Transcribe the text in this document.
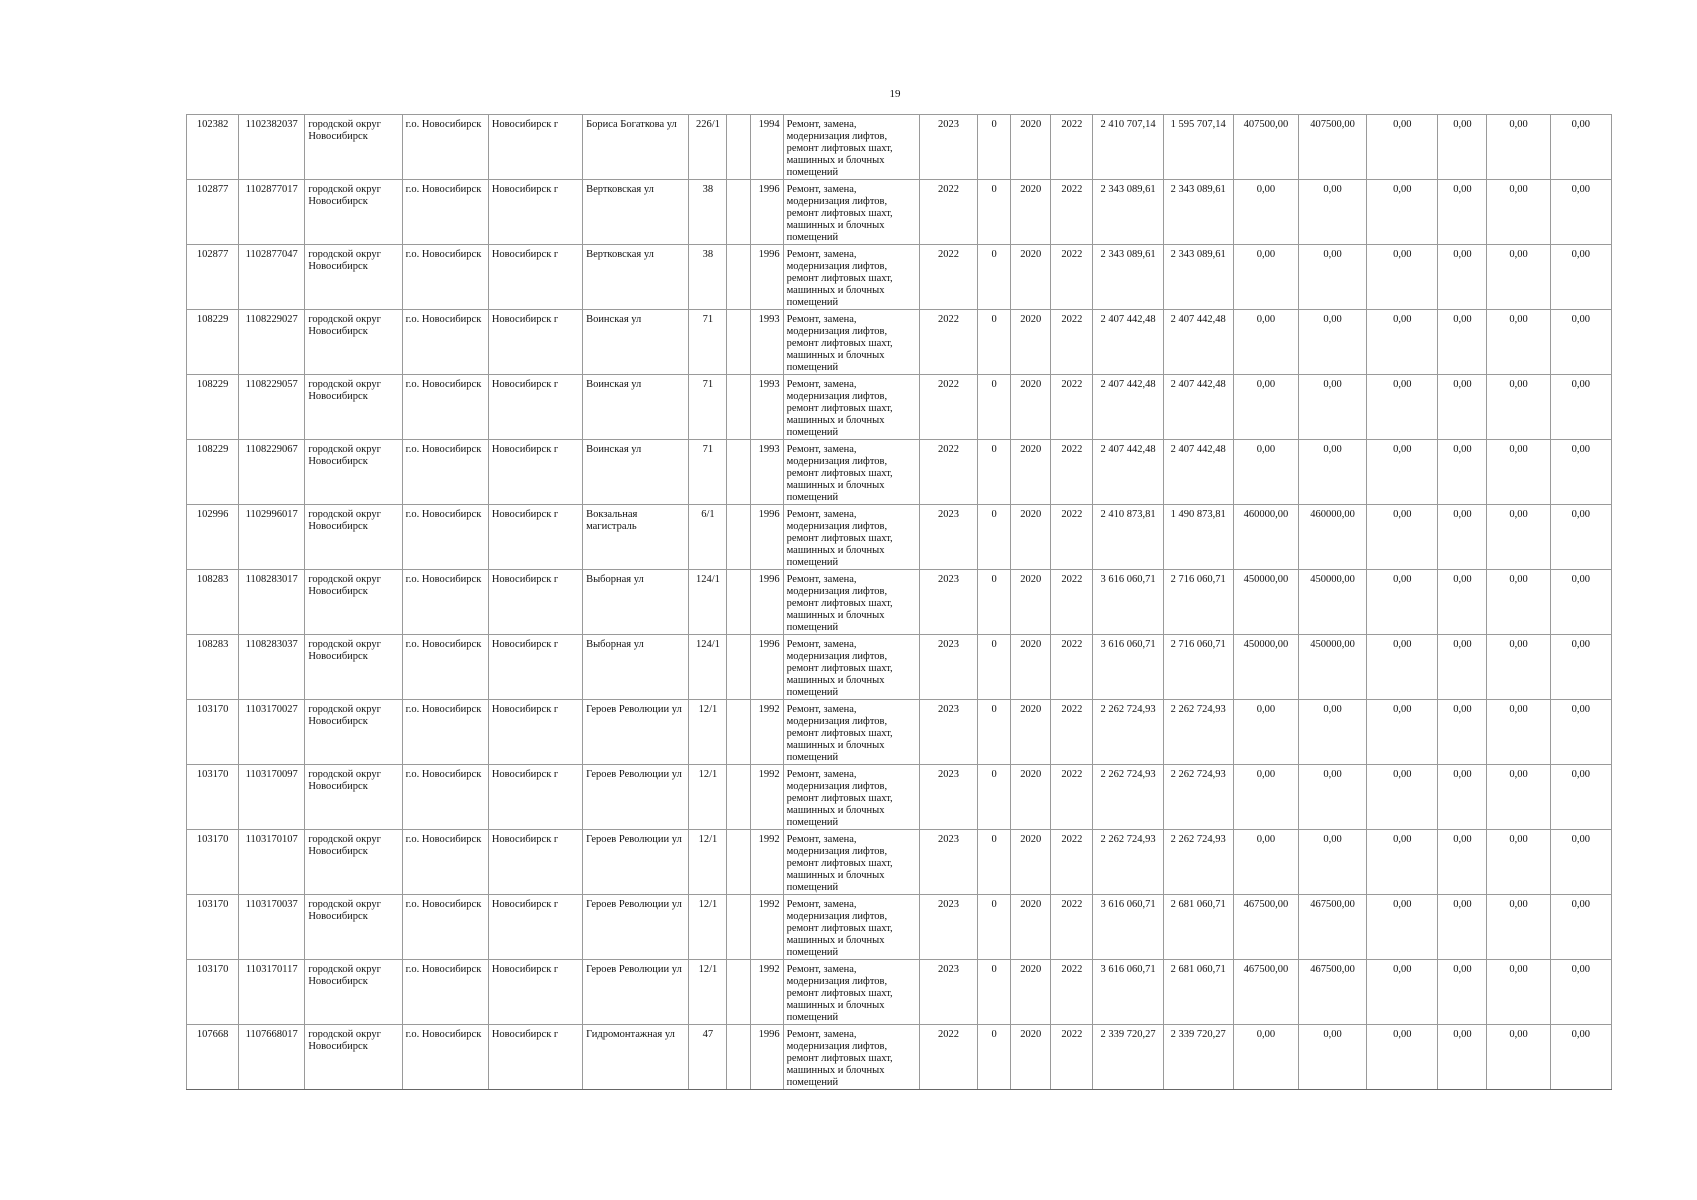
19
102382	1102382037	городской округ Новосибирск	г.о. Новосибирск	Новосибирск г	Бориса Богаткова ул	226/1		1994	Ремонт, замена, модернизация лифтов, ремонт лифтовых шахт, машинных и блочных помещений	2023	0	2020	2022	2 410 707,14	1 595 707,14	407500,00	407500,00	0,00	0,00	0,00	0,00
102877	1102877017	городской округ Новосибирск	г.о. Новосибирск	Новосибирск г	Вертковская ул	38		1996	Ремонт, замена, модернизация лифтов, ремонт лифтовых шахт, машинных и блочных помещений	2022	0	2020	2022	2 343 089,61	2 343 089,61	0,00	0,00	0,00	0,00	0,00	0,00
102877	1102877047	городской округ Новосибирск	г.о. Новосибирск	Новосибирск г	Вертковская ул	38		1996	Ремонт, замена, модернизация лифтов, ремонт лифтовых шахт, машинных и блочных помещений	2022	0	2020	2022	2 343 089,61	2 343 089,61	0,00	0,00	0,00	0,00	0,00	0,00
108229	1108229027	городской округ Новосибирск	г.о. Новосибирск	Новосибирск г	Воинская ул	71		1993	Ремонт, замена, модернизация лифтов, ремонт лифтовых шахт, машинных и блочных помещений	2022	0	2020	2022	2 407 442,48	2 407 442,48	0,00	0,00	0,00	0,00	0,00	0,00
108229	1108229057	городской округ Новосибирск	г.о. Новосибирск	Новосибирск г	Воинская ул	71		1993	Ремонт, замена, модернизация лифтов, ремонт лифтовых шахт, машинных и блочных помещений	2022	0	2020	2022	2 407 442,48	2 407 442,48	0,00	0,00	0,00	0,00	0,00	0,00
108229	1108229067	городской округ Новосибирск	г.о. Новосибирск	Новосибирск г	Воинская ул	71		1993	Ремонт, замена, модернизация лифтов, ремонт лифтовых шахт, машинных и блочных помещений	2022	0	2020	2022	2 407 442,48	2 407 442,48	0,00	0,00	0,00	0,00	0,00	0,00
102996	1102996017	городской округ Новосибирск	г.о. Новосибирск	Новосибирск г	Вокзальная магистраль	6/1		1996	Ремонт, замена, модернизация лифтов, ремонт лифтовых шахт, машинных и блочных помещений	2023	0	2020	2022	2 410 873,81	1 490 873,81	460000,00	460000,00	0,00	0,00	0,00	0,00
108283	1108283017	городской округ Новосибирск	г.о. Новосибирск	Новосибирск г	Выборная ул	124/1		1996	Ремонт, замена, модернизация лифтов, ремонт лифтовых шахт, машинных и блочных помещений	2023	0	2020	2022	3 616 060,71	2 716 060,71	450000,00	450000,00	0,00	0,00	0,00	0,00
108283	1108283037	городской округ Новосибирск	г.о. Новосибирск	Новосибирск г	Выборная ул	124/1		1996	Ремонт, замена, модернизация лифтов, ремонт лифтовых шахт, машинных и блочных помещений	2023	0	2020	2022	3 616 060,71	2 716 060,71	450000,00	450000,00	0,00	0,00	0,00	0,00
103170	1103170027	городской округ Новосибирск	г.о. Новосибирск	Новосибирск г	Героев Революции ул	12/1		1992	Ремонт, замена, модернизация лифтов, ремонт лифтовых шахт, машинных и блочных помещений	2023	0	2020	2022	2 262 724,93	2 262 724,93	0,00	0,00	0,00	0,00	0,00	0,00
103170	1103170097	городской округ Новосибирск	г.о. Новосибирск	Новосибирск г	Героев Революции ул	12/1		1992	Ремонт, замена, модернизация лифтов, ремонт лифтовых шахт, машинных и блочных помещений	2023	0	2020	2022	2 262 724,93	2 262 724,93	0,00	0,00	0,00	0,00	0,00	0,00
103170	1103170107	городской округ Новосибирск	г.о. Новосибирск	Новосибирск г	Героев Революции ул	12/1		1992	Ремонт, замена, модернизация лифтов, ремонт лифтовых шахт, машинных и блочных помещений	2023	0	2020	2022	2 262 724,93	2 262 724,93	0,00	0,00	0,00	0,00	0,00	0,00
103170	1103170037	городской округ Новосибирск	г.о. Новосибирск	Новосибирск г	Героев Революции ул	12/1		1992	Ремонт, замена, модернизация лифтов, ремонт лифтовых шахт, машинных и блочных помещений	2023	0	2020	2022	3 616 060,71	2 681 060,71	467500,00	467500,00	0,00	0,00	0,00	0,00
103170	1103170117	городской округ Новосибирск	г.о. Новосибирск	Новосибирск г	Героев Революции ул	12/1		1992	Ремонт, замена, модернизация лифтов, ремонт лифтовых шахт, машинных и блочных помещений	2023	0	2020	2022	3 616 060,71	2 681 060,71	467500,00	467500,00	0,00	0,00	0,00	0,00
107668	1107668017	городской округ Новосибирск	г.о. Новосибирск	Новосибирск г	Гидромонтажная ул	47		1996	Ремонт, замена, модернизация лифтов, ремонт лифтовых шахт, машинных и блочных помещений	2022	0	2020	2022	2 339 720,27	2 339 720,27	0,00	0,00	0,00	0,00	0,00	0,00
